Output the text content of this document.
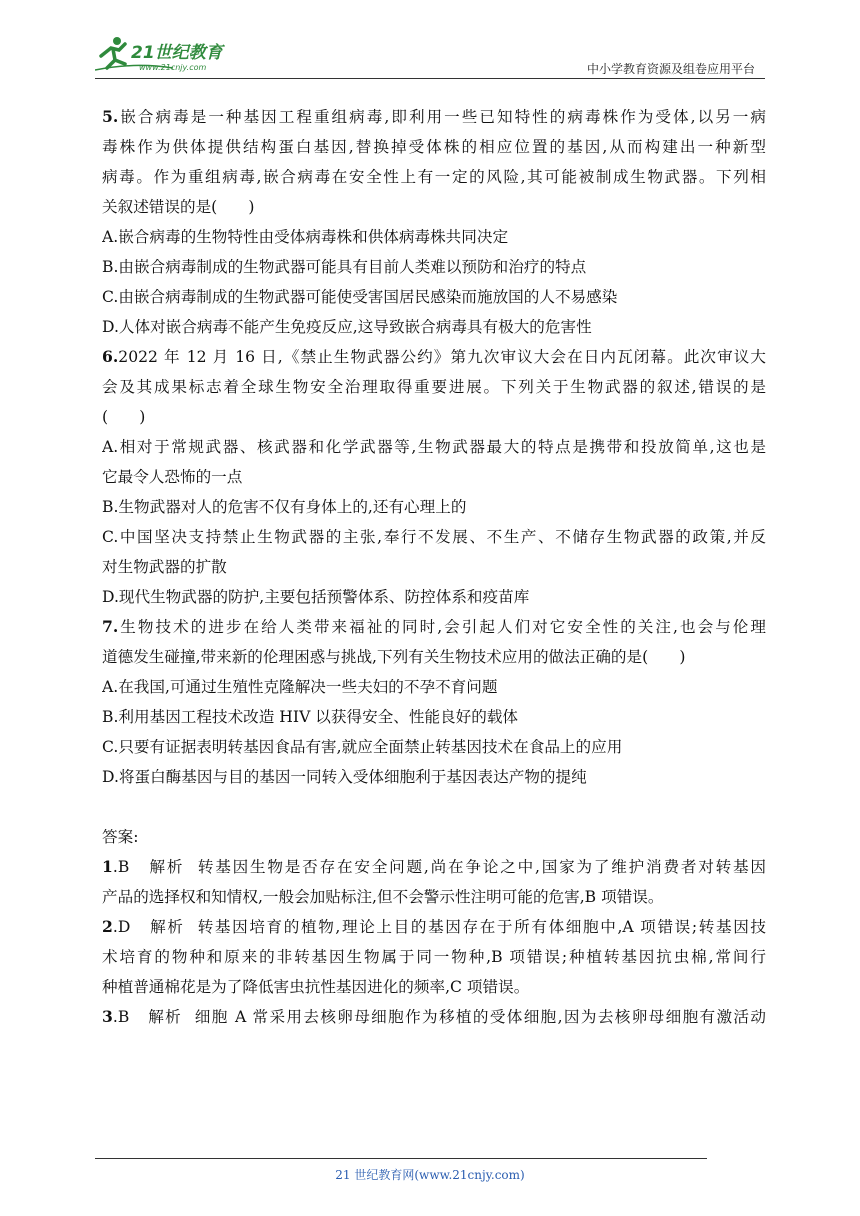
21世纪教育
www.21cnjy.com	中小学教育资源及组卷应用平台
5.嵌合病毒是一种基因工程重组病毒,即利用一些已知特性的病毒株作为受体,以另一病
毒株作为供体提供结构蛋白基因,替换掉受体株的相应位置的基因,从而构建出一种新型
病毒。作为重组病毒,嵌合病毒在安全性上有一定的风险,其可能被制成生物武器。下列相
关叙述错误的是(　　)
A.嵌合病毒的生物特性由受体病毒株和供体病毒株共同决定
B.由嵌合病毒制成的生物武器可能具有目前人类难以预防和治疗的特点
C.由嵌合病毒制成的生物武器可能使受害国居民感染而施放国的人不易感染
D.人体对嵌合病毒不能产生免疫反应,这导致嵌合病毒具有极大的危害性
6.2022 年 12 月 16 日,《禁止生物武器公约》第九次审议大会在日内瓦闭幕。此次审议大
会及其成果标志着全球生物安全治理取得重要进展。下列关于生物武器的叙述,错误的是
(　　)
A.相对于常规武器、核武器和化学武器等,生物武器最大的特点是携带和投放简单,这也是
它最令人恐怖的一点
B.生物武器对人的危害不仅有身体上的,还有心理上的
C.中国坚决支持禁止生物武器的主张,奉行不发展、不生产、不储存生物武器的政策,并反
对生物武器的扩散
D.现代生物武器的防护,主要包括预警体系、防控体系和疫苗库
7.生物技术的进步在给人类带来福祉的同时,会引起人们对它安全性的关注,也会与伦理
道德发生碰撞,带来新的伦理困惑与挑战,下列有关生物技术应用的做法正确的是(　　)
A.在我国,可通过生殖性克隆解决一些夫妇的不孕不育问题
B.利用基因工程技术改造 HIV 以获得安全、性能良好的载体
C.只要有证据表明转基因食品有害,就应全面禁止转基因技术在食品上的应用
D.将蛋白酶基因与目的基因一同转入受体细胞利于基因表达产物的提纯
答案:
1.B 解析 转基因生物是否存在安全问题,尚在争论之中,国家为了维护消费者对转基因
产品的选择权和知情权,一般会加贴标注,但不会警示性注明可能的危害,B 项错误。
2.D 解析 转基因培育的植物,理论上目的基因存在于所有体细胞中,A 项错误;转基因技
术培育的物种和原来的非转基因生物属于同一物种,B 项错误;种植转基因抗虫棉,常间行
种植普通棉花是为了降低害虫抗性基因进化的频率,C 项错误。
3.B 解析 细胞 A 常采用去核卵母细胞作为移植的受体细胞,因为去核卵母细胞有激活动
21 世纪教育网(www.21cnjy.com)
